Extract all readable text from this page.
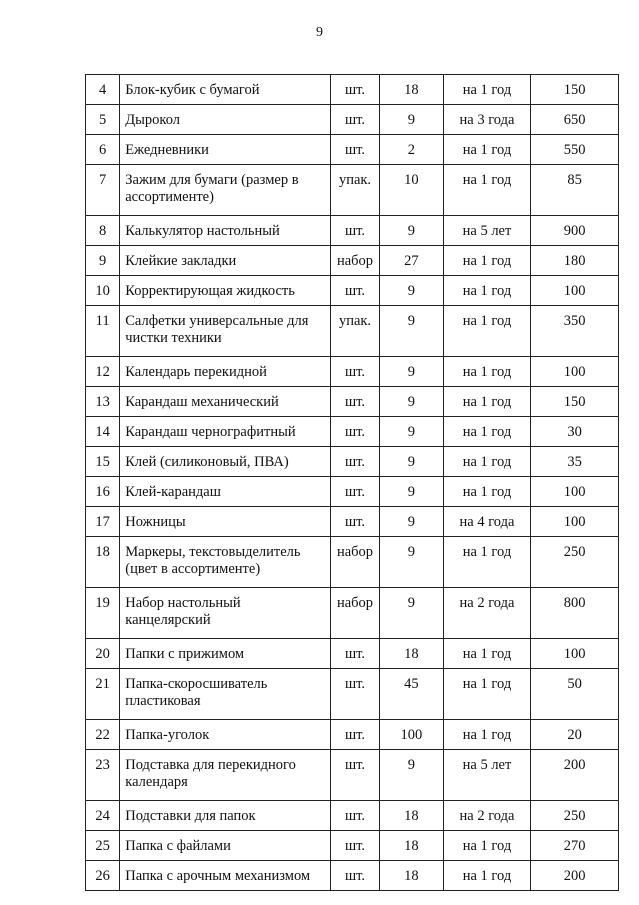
9
4	Блок-кубик с бумагой	шт.	18	на 1 год	150
5	Дырокол	шт.	9	на 3 года	650
6	Ежедневники	шт.	2	на 1 год	550
7	Зажим для бумаги (размер в ассортименте)	упак.	10	на 1 год	85
8	Калькулятор настольный	шт.	9	на 5 лет	900
9	Клейкие закладки	набор	27	на 1 год	180
10	Корректирующая жидкость	шт.	9	на 1 год	100
11	Салфетки универсальные для чистки техники	упак.	9	на 1 год	350
12	Календарь перекидной	шт.	9	на 1 год	100
13	Карандаш механический	шт.	9	на 1 год	150
14	Карандаш чернографитный	шт.	9	на 1 год	30
15	Клей (силиконовый, ПВА)	шт.	9	на 1 год	35
16	Клей-карандаш	шт.	9	на 1 год	100
17	Ножницы	шт.	9	на 4 года	100
18	Маркеры, текстовыделитель (цвет в ассортименте)	набор	9	на 1 год	250
19	Набор настольный канцелярский	набор	9	на 2 года	800
20	Папки с прижимом	шт.	18	на 1 год	100
21	Папка-скоросшиватель пластиковая	шт.	45	на 1 год	50
22	Папка-уголок	шт.	100	на 1 год	20
23	Подставка для перекидного календаря	шт.	9	на 5 лет	200
24	Подставки для папок	шт.	18	на 2 года	250
25	Папка с файлами	шт.	18	на 1 год	270
26	Папка с арочным механизмом	шт.	18	на 1 год	200
